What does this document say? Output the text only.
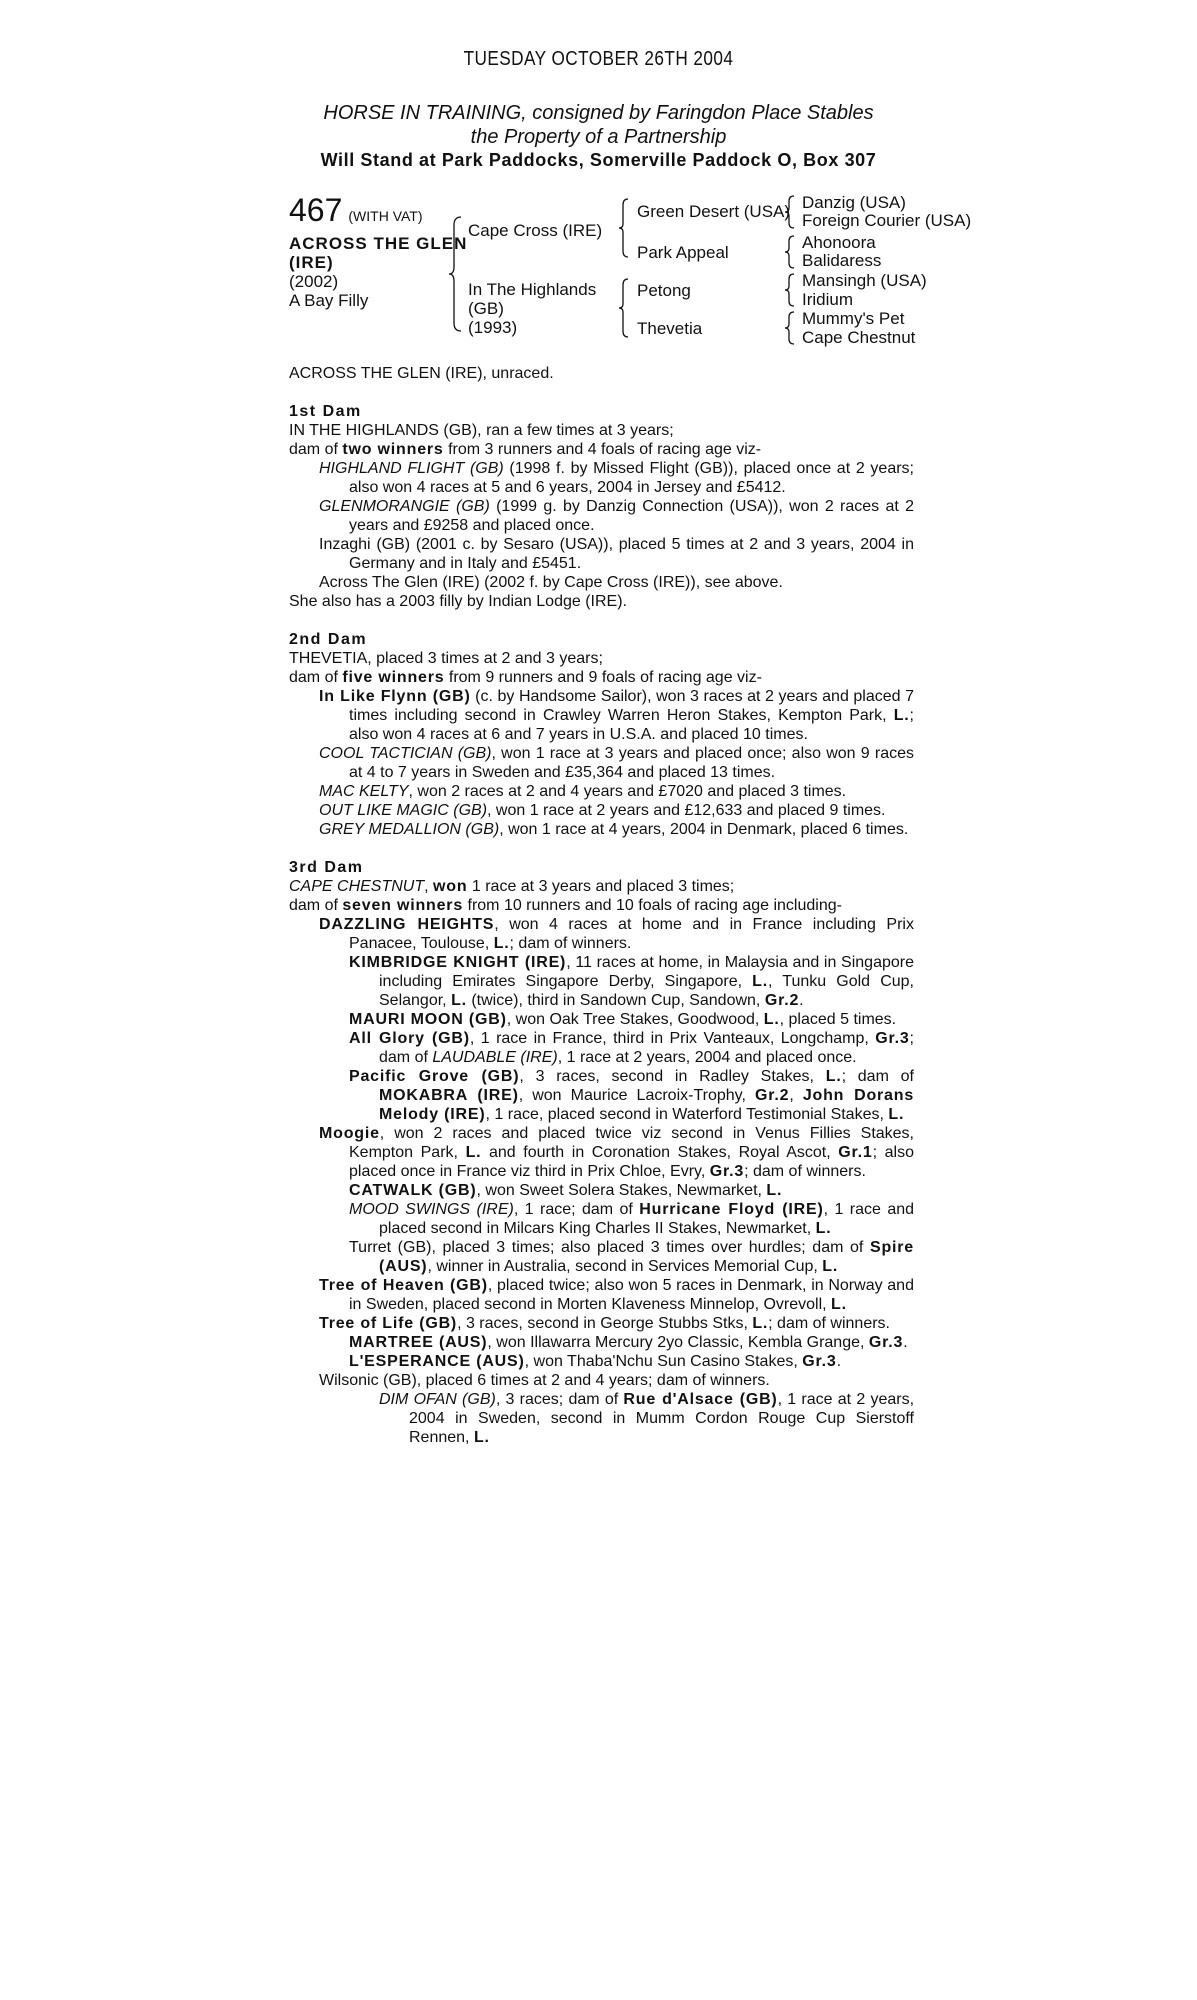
TUESDAY OCTOBER 26TH 2004
HORSE IN TRAINING, consigned by Faringdon Place Stables
the Property of a Partnership
Will Stand at Park Paddocks, Somerville Paddock O, Box 307
467 (WITH VAT)
ACROSS THE GLEN
(IRE)
(2002)
A Bay Filly
Cape Cross (IRE)
In The Highlands
(GB)
(1993)
Green Desert (USA)
Park Appeal
Petong
Thevetia
Danzig (USA)
Foreign Courier (USA)
Ahonoora
Balidaress
Mansingh (USA)
Iridium
Mummy's Pet
Cape Chestnut

ACROSS THE GLEN (IRE), unraced.

1st Dam

IN THE HIGHLANDS (GB), ran a few times at 3 years;

dam of two winners from 3 runners and 4 foals of racing age viz-

HIGHLAND FLIGHT (GB) (1998 f. by Missed Flight (GB)), placed once at 2 years; also won 4 races at 5 and 6 years, 2004 in Jersey and £5412.

GLENMORANGIE (GB) (1999 g. by Danzig Connection (USA)), won 2 races at 2 years and £9258 and placed once.

Inzaghi (GB) (2001 c. by Sesaro (USA)), placed 5 times at 2 and 3 years, 2004 in Germany and in Italy and £5451.

Across The Glen (IRE) (2002 f. by Cape Cross (IRE)), see above.

She also has a 2003 filly by Indian Lodge (IRE).

2nd Dam

THEVETIA, placed 3 times at 2 and 3 years;

dam of five winners from 9 runners and 9 foals of racing age viz-

In Like Flynn (GB) (c. by Handsome Sailor), won 3 races at 2 years and placed 7 times including second in Crawley Warren Heron Stakes, Kempton Park, L.; also won 4 races at 6 and 7 years in U.S.A. and placed 10 times.

COOL TACTICIAN (GB), won 1 race at 3 years and placed once; also won 9 races at 4 to 7 years in Sweden and £35,364 and placed 13 times.

MAC KELTY, won 2 races at 2 and 4 years and £7020 and placed 3 times.

OUT LIKE MAGIC (GB), won 1 race at 2 years and £12,633 and placed 9 times.

GREY MEDALLION (GB), won 1 race at 4 years, 2004 in Denmark, placed 6 times.

3rd Dam

CAPE CHESTNUT, won 1 race at 3 years and placed 3 times;

dam of seven winners from 10 runners and 10 foals of racing age including-

DAZZLING HEIGHTS, won 4 races at home and in France including Prix Panacee, Toulouse, L.; dam of winners.

KIMBRIDGE KNIGHT (IRE), 11 races at home, in Malaysia and in Singapore including Emirates Singapore Derby, Singapore, L., Tunku Gold Cup, Selangor, L. (twice), third in Sandown Cup, Sandown, Gr.2.

MAURI MOON (GB), won Oak Tree Stakes, Goodwood, L., placed 5 times.

All Glory (GB), 1 race in France, third in Prix Vanteaux, Longchamp, Gr.3; dam of LAUDABLE (IRE), 1 race at 2 years, 2004 and placed once.

Pacific Grove (GB), 3 races, second in Radley Stakes, L.; dam of MOKABRA (IRE), won Maurice Lacroix-Trophy, Gr.2, John Dorans Melody (IRE), 1 race, placed second in Waterford Testimonial Stakes, L.

Moogie, won 2 races and placed twice viz second in Venus Fillies Stakes, Kempton Park, L. and fourth in Coronation Stakes, Royal Ascot, Gr.1; also placed once in France viz third in Prix Chloe, Evry, Gr.3; dam of winners.

CATWALK (GB), won Sweet Solera Stakes, Newmarket, L.

MOOD SWINGS (IRE), 1 race; dam of Hurricane Floyd (IRE), 1 race and placed second in Milcars King Charles II Stakes, Newmarket, L.

Turret (GB), placed 3 times; also placed 3 times over hurdles; dam of Spire (AUS), winner in Australia, second in Services Memorial Cup, L.

Tree of Heaven (GB), placed twice; also won 5 races in Denmark, in Norway and in Sweden, placed second in Morten Klaveness Minnelop, Ovrevoll, L.

Tree of Life (GB), 3 races, second in George Stubbs Stks, L.; dam of winners.

MARTREE (AUS), won Illawarra Mercury 2yo Classic, Kembla Grange, Gr.3.

L'ESPERANCE (AUS), won Thaba'Nchu Sun Casino Stakes, Gr.3.

Wilsonic (GB), placed 6 times at 2 and 4 years; dam of winners.

DIM OFAN (GB), 3 races; dam of Rue d'Alsace (GB), 1 race at 2 years, 2004 in Sweden, second in Mumm Cordon Rouge Cup Sierstoff Rennen, L.
